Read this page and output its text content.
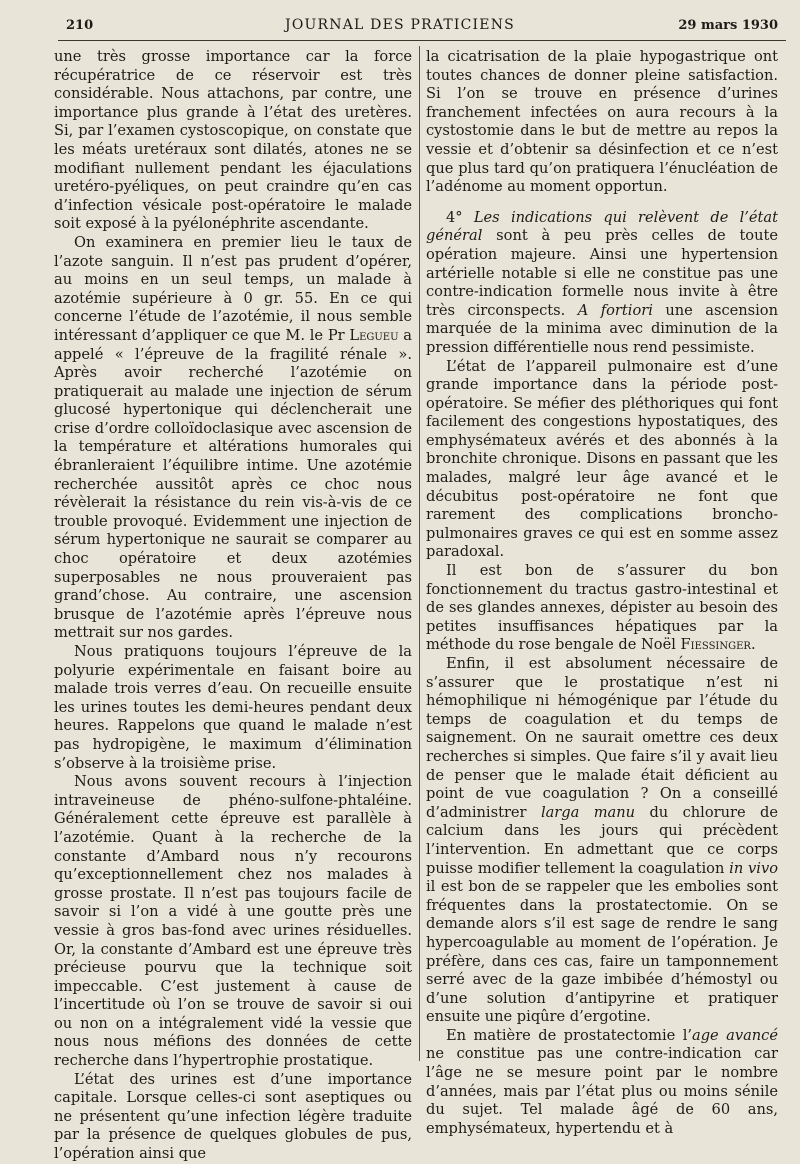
210	JOURNAL DES PRATICIENS	29 mars 1930

une très grosse importance car la force récupératrice de ce réservoir est très considérable. Nous attachons, par contre, une importance plus grande à l’état des uretères. Si, par l’examen cystoscopique, on constate que les méats uretéraux sont dilatés, atones ne se modifiant nullement pendant les éjaculations uretéro-pyéliques, on peut craindre qu’en cas d’infection vésicale post-opératoire le malade soit exposé à la pyélonéphrite ascendante.

On examinera en premier lieu le taux de l’azote sanguin. Il n’est pas prudent d’opérer, au moins en un seul temps, un malade à azotémie supérieure à 0 gr. 55. En ce qui concerne l’étude de l’azotémie, il nous semble intéressant d’appliquer ce que M. le Pr Legueu a appelé « l’épreuve de la fragilité rénale ». Après avoir recherché l’azotémie on pratiquerait au malade une injection de sérum glucosé hypertonique qui déclencherait une crise d’ordre colloïdoclasique avec ascension de la température et altérations humorales qui ébranleraient l’équilibre intime. Une azotémie recherchée aussitôt après ce choc nous révèlerait la résistance du rein vis-à-vis de ce trouble provoqué. Evidemment une injection de sérum hypertonique ne saurait se comparer au choc opératoire et deux azotémies superposables ne nous prouveraient pas grand’chose. Au contraire, une ascension brusque de l’azotémie après l’épreuve nous mettrait sur nos gardes.

Nous pratiquons toujours l’épreuve de la polyurie expérimentale en faisant boire au malade trois verres d’eau. On recueille ensuite les urines toutes les demi-heures pendant deux heures. Rappelons que quand le malade n’est pas hydropigène, le maximum d’élimination s’observe à la troisième prise.

Nous avons souvent recours à l’injection intraveineuse de phéno-sulfone-phtaléine. Généralement cette épreuve est parallèle à l’azotémie. Quant à la recherche de la constante d’Ambard nous n’y recourons qu’exceptionnellement chez nos malades à grosse prostate. Il n’est pas toujours facile de savoir si l’on a vidé à une goutte près une vessie à gros bas-fond avec urines résiduelles. Or, la constante d’Ambard est une épreuve très précieuse pourvu que la technique soit impeccable. C’est justement à cause de l’incertitude où l’on se trouve de savoir si oui ou non on a intégralement vidé la vessie que nous nous méfions des données de cette recherche dans l’hypertrophie prostatique.

L’état des urines est d’une importance capitale. Lorsque celles-ci sont aseptiques ou ne présentent qu’une infection légère traduite par la présence de quelques globules de pus, l’opération ainsi que

la cicatrisation de la plaie hypogastrique ont toutes chances de donner pleine satisfaction. Si l’on se trouve en présence d’urines franchement infectées on aura recours à la cystostomie dans le but de mettre au repos la vessie et d’obtenir sa désinfection et ce n’est que plus tard qu’on pratiquera l’énucléation de l’adénome au moment opportun.

4° Les indications qui relèvent de l’état général sont à peu près celles de toute opération majeure. Ainsi une hypertension artérielle notable si elle ne constitue pas une contre-indication formelle nous invite à être très circonspects. A fortiori une ascension marquée de la minima avec diminution de la pression différentielle nous rend pessimiste.

L’état de l’appareil pulmonaire est d’une grande importance dans la période post-opératoire. Se méfier des pléthoriques qui font facilement des congestions hypostatiques, des emphysémateux avérés et des abonnés à la bronchite chronique. Disons en passant que les malades, malgré leur âge avancé et le décubitus post-opératoire ne font que rarement des complications broncho-pulmonaires graves ce qui est en somme assez paradoxal.

Il est bon de s’assurer du bon fonctionnement du tractus gastro-intestinal et de ses glandes annexes, dépister au besoin des petites insuffisances hépatiques par la méthode du rose bengale de Noël Fiessinger.

Enfin, il est absolument nécessaire de s’assurer que le prostatique n’est ni hémophilique ni hémogénique par l’étude du temps de coagulation et du temps de saignement. On ne saurait omettre ces deux recherches si simples. Que faire s’il y avait lieu de penser que le malade était déficient au point de vue coagulation ? On a conseillé d’administrer larga manu du chlorure de calcium dans les jours qui précèdent l’intervention. En admettant que ce corps puisse modifier tellement la coagulation in vivo il est bon de se rappeler que les embolies sont fréquentes dans la prostatectomie. On se demande alors s’il est sage de rendre le sang hypercoagulable au moment de l’opération. Je préfère, dans ces cas, faire un tamponnement serré avec de la gaze imbibée d’hémostyl ou d’une solution d’antipyrine et pratiquer ensuite une piqûre d’ergotine.

En matière de prostatectomie l’age avancé ne constitue pas une contre-indication car l’âge ne se mesure point par le nombre d’années, mais par l’état plus ou moins sénile du sujet. Tel malade âgé de 60 ans, emphysémateux, hypertendu et à
